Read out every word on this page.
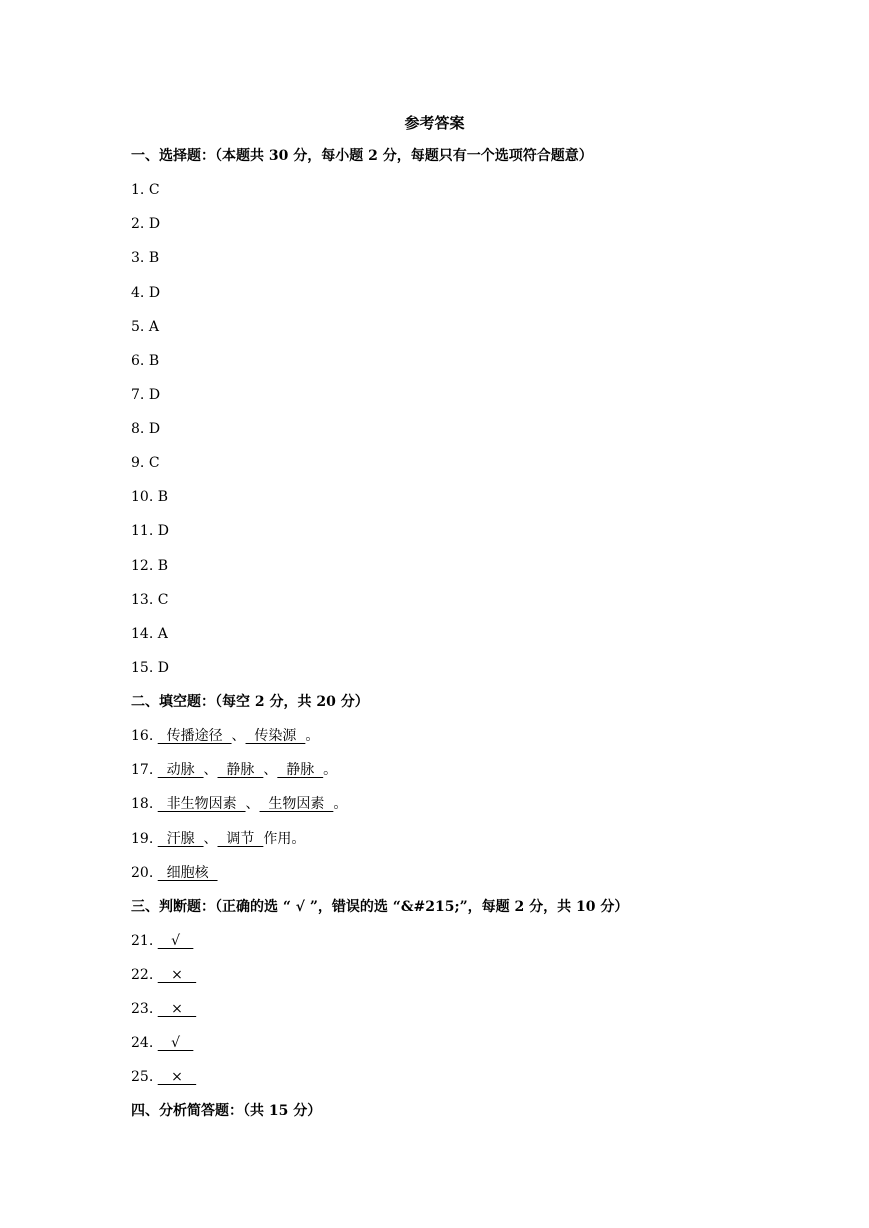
参考答案
一、选择题：（本题共 30 分，每小题 2 分，每题只有一个选项符合题意）
1. C
2. D
3. B
4. D
5. A
6. B
7. D
8. D
9. C
10. B
11. D
12. B
13. C
14. A
15. D
二、填空题：（每空 2 分，共 20 分）
16.   传播途径  、  传染源  。
17.   动脉  、  静脉  、  静脉  。
18.   非生物因素  、  生物因素  。
19.   汗腺  、  调节  作用。
20.   细胞核
三、判断题：（正确的选 “ √ ”，错误的选 “&#215;”，每题 2 分，共 10 分）
21.    √
22.    ×
23.    ×
24.    √
25.    ×
四、分析简答题：（共 15 分）
